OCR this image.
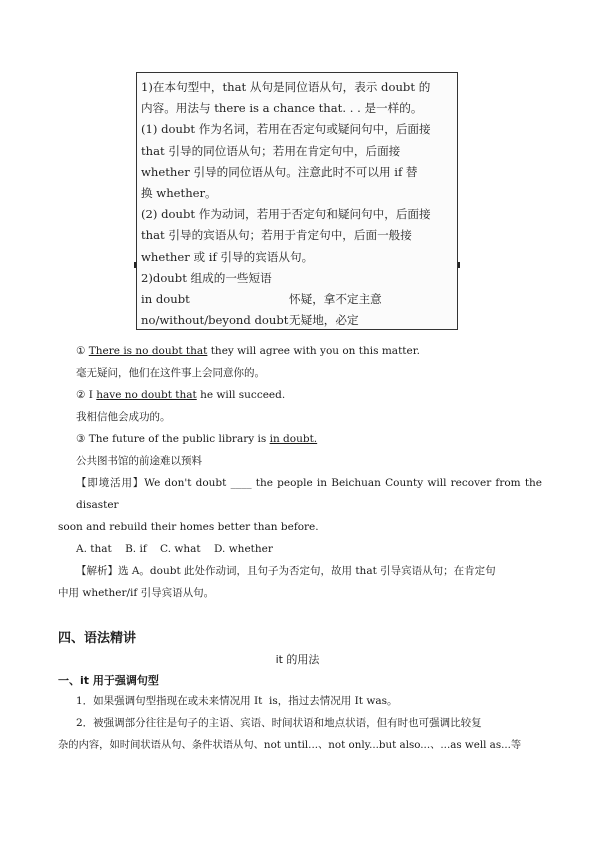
1)在本句型中，that 从句是同位语从句，表示 doubt 的
内容。用法与 there is a chance that. . . 是一样的。
(1) doubt 作为名词，若用在否定句或疑问句中，后面接
that 引导的同位语从句；若用在肯定句中，后面接
whether 引导的同位语从句。注意此时不可以用 if 替
换 whether。
(2) doubt 作为动词，若用于否定句和疑问句中，后面接
that 引导的宾语从句；若用于肯定句中，后面一般接
whether 或 if 引导的宾语从句。
2)doubt 组成的一些短语
in doubt	怀疑，拿不定主意
no/without/beyond doubt 无疑地，必定
① There is no doubt that they will agree with you on this matter.
毫无疑问，他们在这件事上会同意你的。
② I have no doubt that he will succeed.
我相信他会成功的。
③ The future of the public library is in doubt.
公共图书馆的前途难以预料
【即境活用】We don't doubt ____ the people in Beichuan County will recover from the
disaster
soon and rebuild their homes better than before.
A. that    B. if    C. what    D. whether
【解析】选 A。doubt 此处作动词，且句子为否定句，故用 that 引导宾语从句；在肯定句
中用 whether/if 引导宾语从句。
四、语法精讲
it 的用法
一、it 用于强调句型
1．如果强调句型指现在或未来情况用 It  is，指过去情况用 It was。
2．被强调部分往往是句子的主语、宾语、时间状语和地点状语，但有时也可强调比较复
杂的内容，如时间状语从句、条件状语从句、not until...、not only...but also...、...as well as...等
